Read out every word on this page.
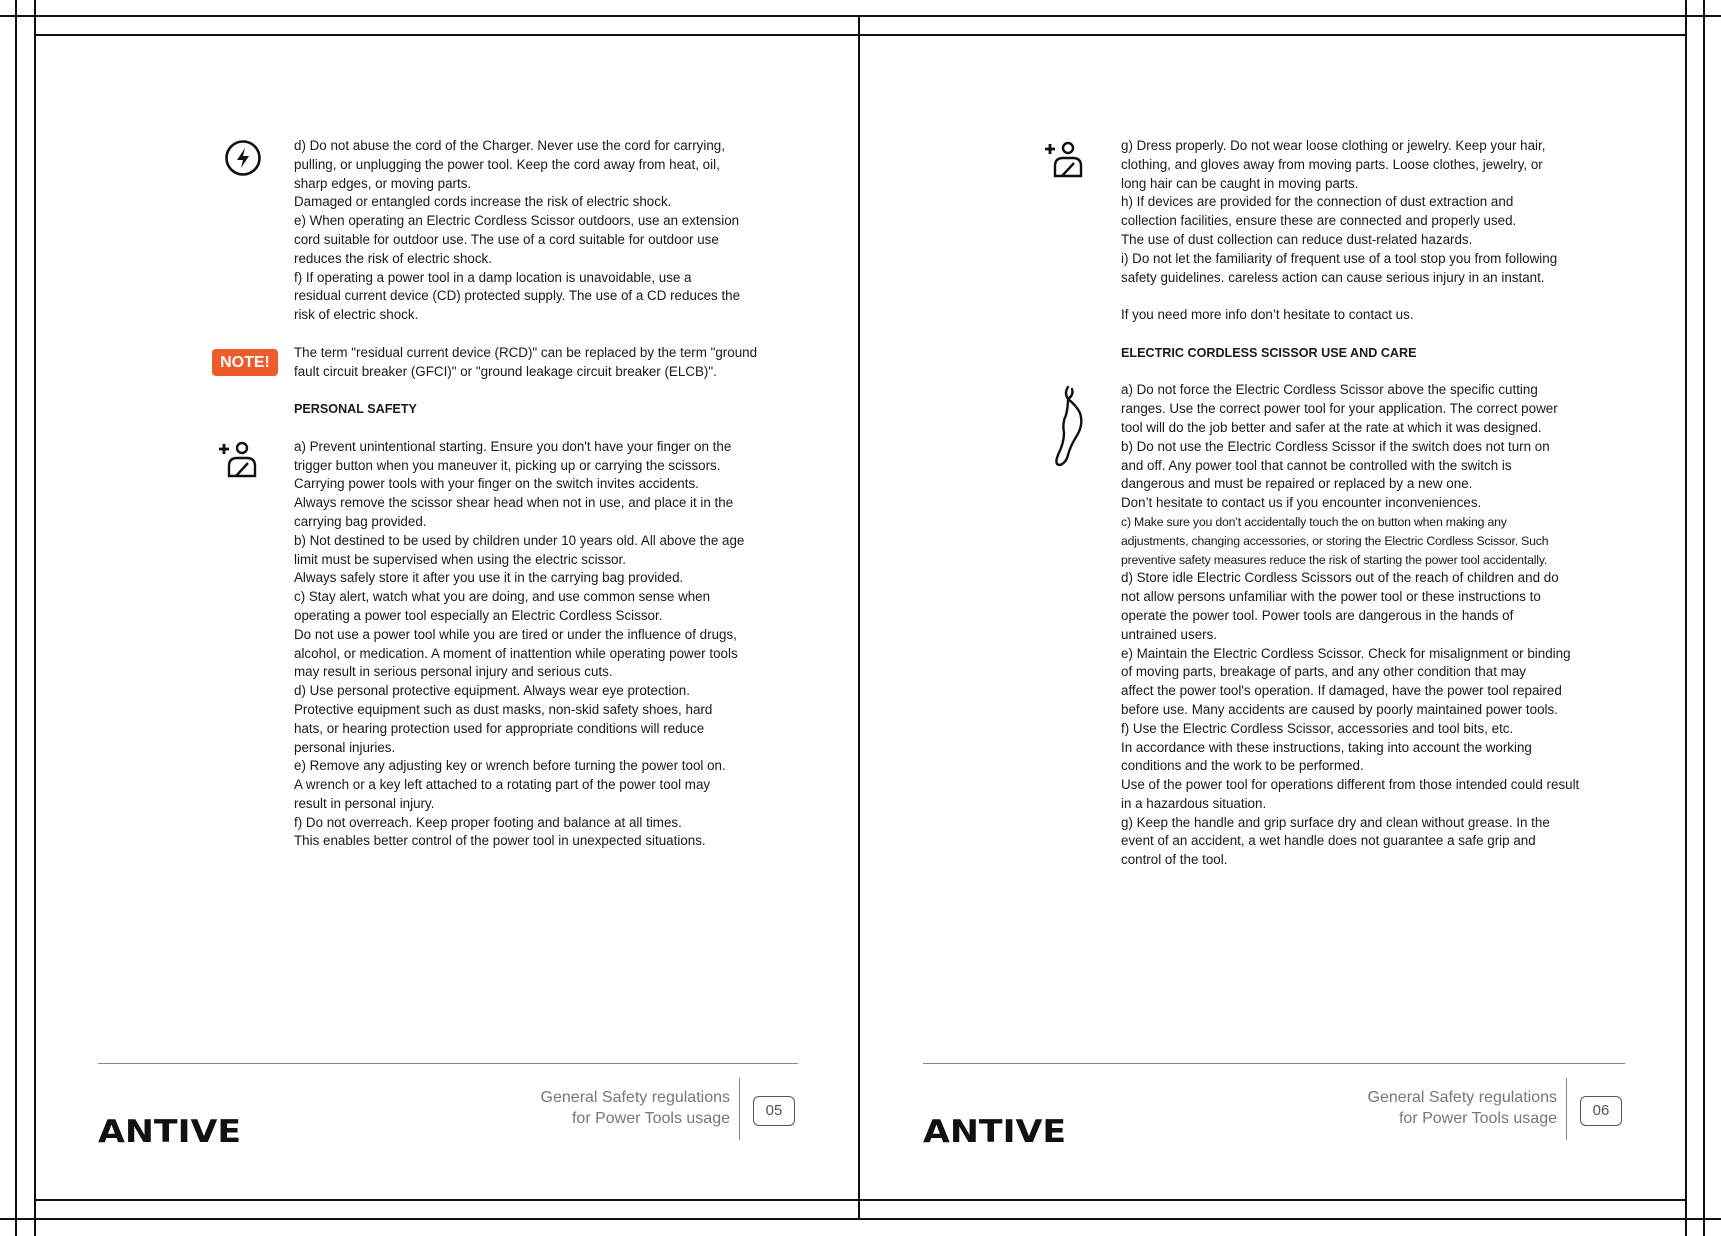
NOTE!

d) Do not abuse the cord of the Charger. Never use the cord for carrying,

pulling, or unplugging the power tool. Keep the cord away from heat, oil,

sharp edges, or moving parts.

Damaged or entangled cords increase the risk of electric shock.

e) When operating an Electric Cordless Scissor outdoors, use an extension

cord suitable for outdoor use. The use of a cord suitable for outdoor use

reduces the risk of electric shock.

f) If operating a power tool in a damp location is unavoidable, use a

residual current device (CD) protected supply. The use of a CD reduces the

risk of electric shock.

The term "residual current device (RCD)" can be replaced by the term "ground

fault circuit breaker (GFCI)" or "ground leakage circuit breaker (ELCB)".

PERSONAL SAFETY

a) Prevent unintentional starting. Ensure you don't have your finger on the

trigger button when you maneuver it, picking up or carrying the scissors.

Carrying power tools with your finger on the switch invites accidents.

Always remove the scissor shear head when not in use, and place it in the

carrying bag provided.

b) Not destined to be used by children under 10 years old. All above the age

limit must be supervised when using the electric scissor.

Always safely store it after you use it in the carrying bag provided.

c) Stay alert, watch what you are doing, and use common sense when

operating a power tool especially an Electric Cordless Scissor.

Do not use a power tool while you are tired or under the influence of drugs,

alcohol, or medication. A moment of inattention while operating power tools

may result in serious personal injury and serious cuts.

d) Use personal protective equipment. Always wear eye protection.

Protective equipment such as dust masks, non-skid safety shoes, hard

hats, or hearing protection used for appropriate conditions will reduce

personal injuries.

e) Remove any adjusting key or wrench before turning the power tool on.

A wrench or a key left attached to a rotating part of the power tool may

result in personal injury.

f) Do not overreach. Keep proper footing and balance at all times.

This enables better control of the power tool in unexpected situations.

ANTIVE
General Safety regulations
for Power Tools usage	05

g) Dress properly. Do not wear loose clothing or jewelry. Keep your hair,

clothing, and gloves away from moving parts. Loose clothes, jewelry, or

long hair can be caught in moving parts.

h) If devices are provided for the connection of dust extraction and

collection facilities, ensure these are connected and properly used.

The use of dust collection can reduce dust-related hazards.

i) Do not let the familiarity of frequent use of a tool stop you from following

safety guidelines. careless action can cause serious injury in an instant.

If you need more info don’t hesitate to contact us.

ELECTRIC CORDLESS SCISSOR USE AND CARE

a) Do not force the Electric Cordless Scissor above the specific cutting

ranges. Use the correct power tool for your application. The correct power

tool will do the job better and safer at the rate at which it was designed.

b) Do not use the Electric Cordless Scissor if the switch does not turn on

and off. Any power tool that cannot be controlled with the switch is

dangerous and must be repaired or replaced by a new one.

Don’t hesitate to contact us if you encounter inconveniences.

c) Make sure you don’t accidentally touch the on button when making any

adjustments, changing accessories, or storing the Electric Cordless Scissor. Such

preventive safety measures reduce the risk of starting the power tool accidentally.

d) Store idle Electric Cordless Scissors out of the reach of children and do

not allow persons unfamiliar with the power tool or these instructions to

operate the power tool. Power tools are dangerous in the hands of

untrained users.

e) Maintain the Electric Cordless Scissor. Check for misalignment or binding

of moving parts, breakage of parts, and any other condition that may

affect the power tool's operation. If damaged, have the power tool repaired

before use. Many accidents are caused by poorly maintained power tools.

f) Use the Electric Cordless Scissor, accessories and tool bits, etc.

In accordance with these instructions, taking into account the working

conditions and the work to be performed.

Use of the power tool for operations different from those intended could result

in a hazardous situation.

g) Keep the handle and grip surface dry and clean without grease. In the

event of an accident, a wet handle does not guarantee a safe grip and

control of the tool.

ANTIVE
General Safety regulations
for Power Tools usage	06
